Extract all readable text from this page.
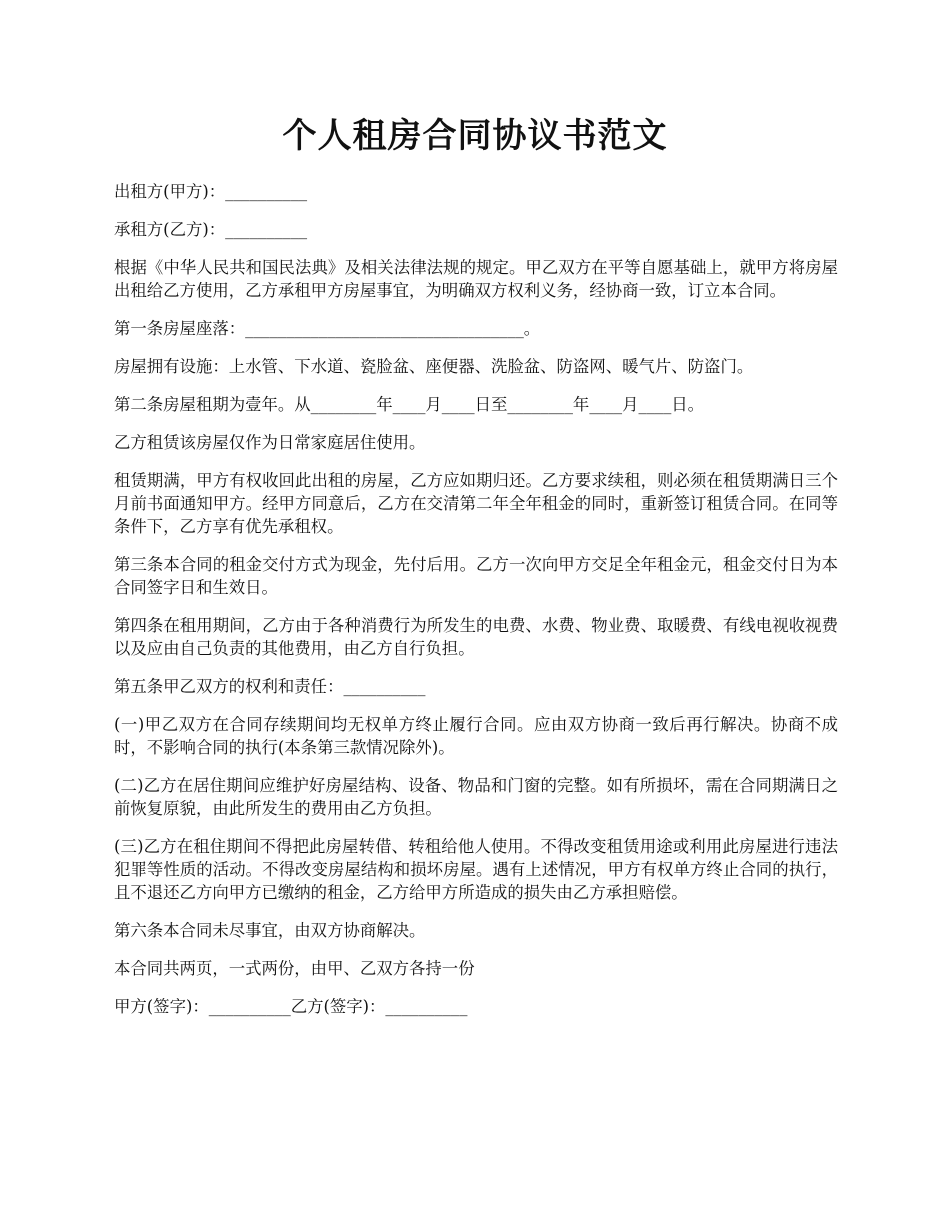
个人租房合同协议书范文

出租方(甲方)：__________

承租方(乙方)：__________

根据《中华人民共和国民法典》及相关法律法规的规定。甲乙双方在平等自愿基础上，就甲方将房屋出租给乙方使用，乙方承租甲方房屋事宜，为明确双方权利义务，经协商一致，订立本合同。

第一条房屋座落：__________________________________。

房屋拥有设施：上水管、下水道、瓷脸盆、座便器、洗脸盆、防盗网、暖气片、防盗门。

第二条房屋租期为壹年。从________年____月____日至________年____月____日。

乙方租赁该房屋仅作为日常家庭居住使用。

租赁期满，甲方有权收回此出租的房屋，乙方应如期归还。乙方要求续租，则必须在租赁期满日三个月前书面通知甲方。经甲方同意后，乙方在交清第二年全年租金的同时，重新签订租赁合同。在同等条件下，乙方享有优先承租权。

第三条本合同的租金交付方式为现金，先付后用。乙方一次向甲方交足全年租金元，租金交付日为本合同签字日和生效日。

第四条在租用期间，乙方由于各种消费行为所发生的电费、水费、物业费、取暖费、有线电视收视费以及应由自己负责的其他费用，由乙方自行负担。

第五条甲乙双方的权利和责任：__________

(一)甲乙双方在合同存续期间均无权单方终止履行合同。应由双方协商一致后再行解决。协商不成时，不影响合同的执行(本条第三款情况除外)。

(二)乙方在居住期间应维护好房屋结构、设备、物品和门窗的完整。如有所损坏，需在合同期满日之前恢复原貌，由此所发生的费用由乙方负担。

(三)乙方在租住期间不得把此房屋转借、转租给他人使用。不得改变租赁用途或利用此房屋进行违法犯罪等性质的活动。不得改变房屋结构和损坏房屋。遇有上述情况，甲方有权单方终止合同的执行，且不退还乙方向甲方已缴纳的租金，乙方给甲方所造成的损失由乙方承担赔偿。

第六条本合同未尽事宜，由双方协商解决。

本合同共两页，一式两份，由甲、乙双方各持一份

甲方(签字)：__________乙方(签字)：__________
